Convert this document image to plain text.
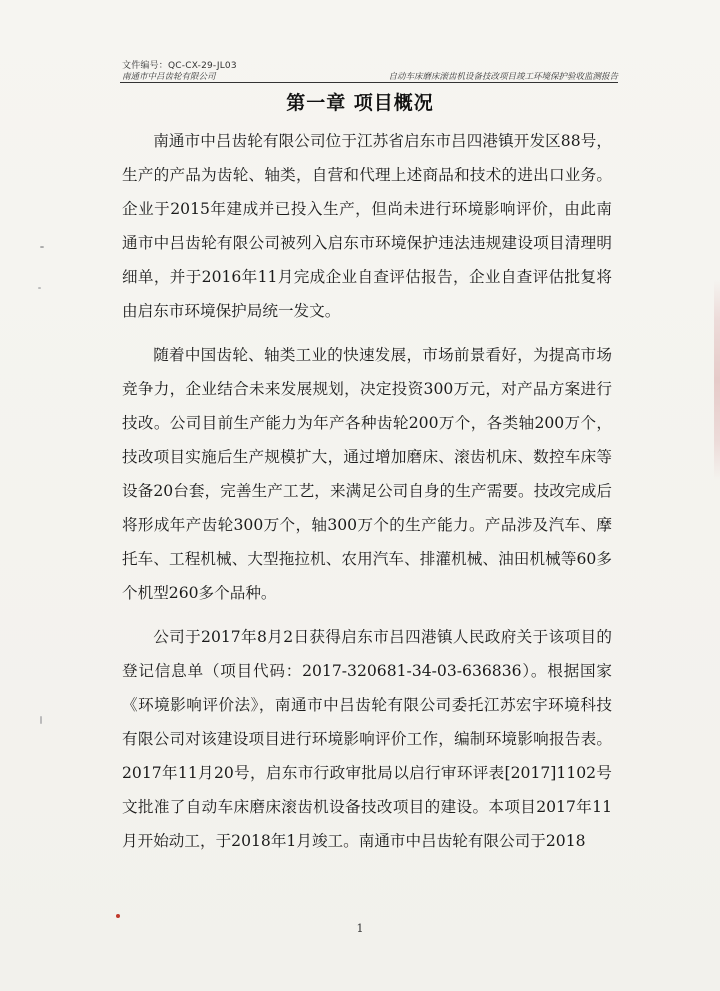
文件编号：QC-CX-29-JL03
南通市中吕齿轮有限公司	自动车床磨床滚齿机设备技改项目竣工环境保护验收监测报告
第一章 项目概况

南通市中吕齿轮有限公司位于江苏省启东市吕四港镇开发区88号，生产的产品为齿轮、轴类，自营和代理上述商品和技术的进出口业务。企业于2015年建成并已投入生产，但尚未进行环境影响评价，由此南通市中吕齿轮有限公司被列入启东市环境保护违法违规建设项目清理明细单，并于2016年11月完成企业自查评估报告，企业自查评估批复将由启东市环境保护局统一发文。

随着中国齿轮、轴类工业的快速发展，市场前景看好，为提高市场竞争力，企业结合未来发展规划，决定投资300万元，对产品方案进行技改。公司目前生产能力为年产各种齿轮200万个，各类轴200万个，技改项目实施后生产规模扩大，通过增加磨床、滚齿机床、数控车床等设备20台套，完善生产工艺，来满足公司自身的生产需要。技改完成后将形成年产齿轮300万个，轴300万个的生产能力。产品涉及汽车、摩托车、工程机械、大型拖拉机、农用汽车、排灌机械、油田机械等60多个机型260多个品种。

公司于2017年8月2日获得启东市吕四港镇人民政府关于该项目的登记信息单（项目代码：2017-320681-34-03-636836）。根据国家《环境影响评价法》，南通市中吕齿轮有限公司委托江苏宏宇环境科技有限公司对该建设项目进行环境影响评价工作，编制环境影响报告表。2017年11月20号，启东市行政审批局以启行审环评表[2017]1102号文批准了自动车床磨床滚齿机设备技改项目的建设。本项目2017年11月开始动工，于2018年1月竣工。南通市中吕齿轮有限公司于2018

1
